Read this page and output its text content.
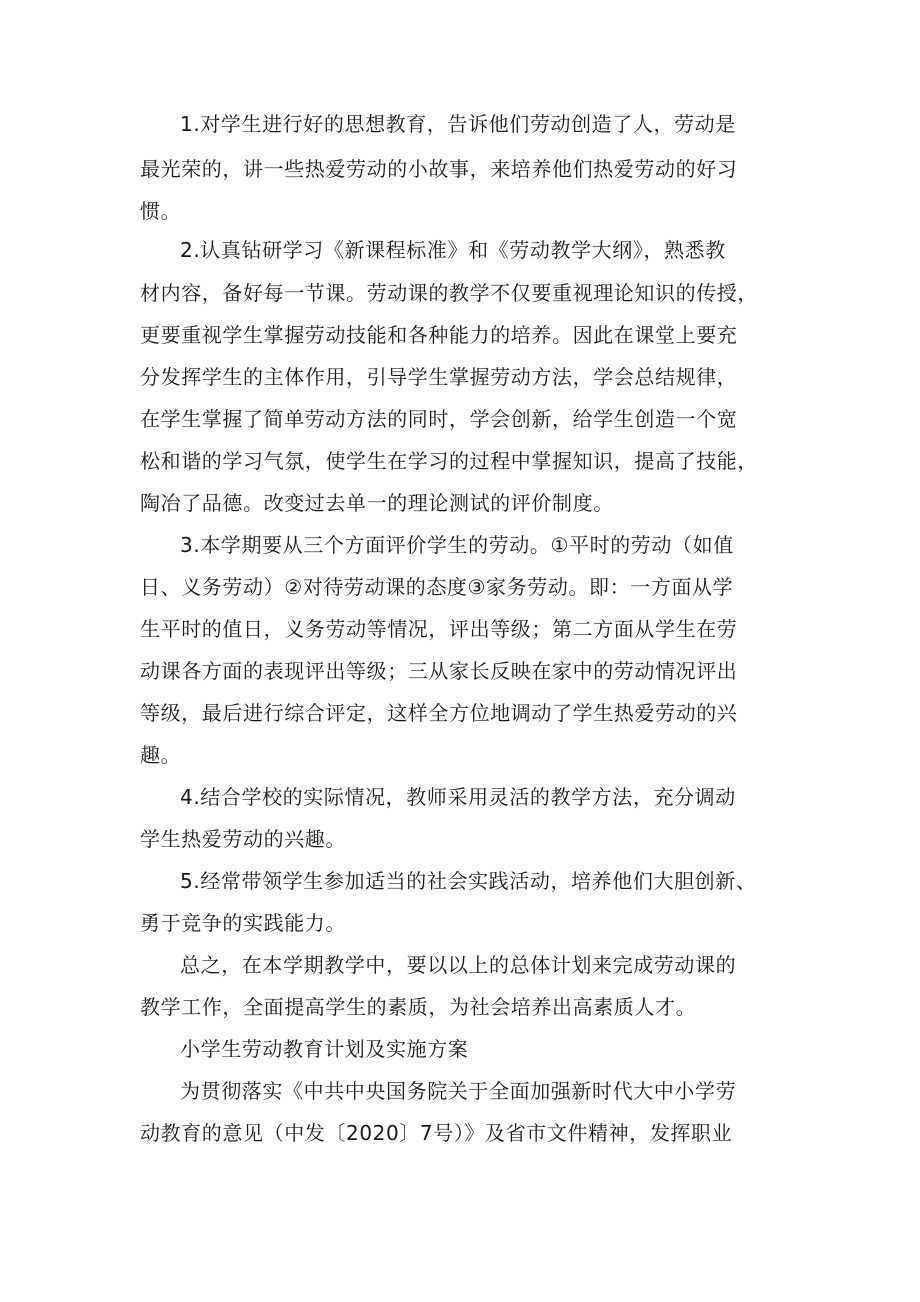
1.对学生进行好的思想教育，告诉他们劳动创造了人，劳动是
最光荣的，讲一些热爱劳动的小故事，来培养他们热爱劳动的好习
惯。
2.认真钻研学习《新课程标准》和《劳动教学大纲》，熟悉教
材内容，备好每一节课。劳动课的教学不仅要重视理论知识的传授，
更要重视学生掌握劳动技能和各种能力的培养。因此在课堂上要充
分发挥学生的主体作用，引导学生掌握劳动方法，学会总结规律，
在学生掌握了简单劳动方法的同时，学会创新，给学生创造一个宽
松和谐的学习气氛，使学生在学习的过程中掌握知识，提高了技能，
陶冶了品德。改变过去单一的理论测试的评价制度。
3.本学期要从三个方面评价学生的劳动。①平时的劳动（如值
日、义务劳动）②对待劳动课的态度③家务劳动。即：一方面从学
生平时的值日，义务劳动等情况，评出等级；第二方面从学生在劳
动课各方面的表现评出等级；三从家长反映在家中的劳动情况评出
等级，最后进行综合评定，这样全方位地调动了学生热爱劳动的兴
趣。
4.结合学校的实际情况，教师采用灵活的教学方法，充分调动
学生热爱劳动的兴趣。
5.经常带领学生参加适当的社会实践活动，培养他们大胆创新、
勇于竞争的实践能力。
总之，在本学期教学中，要以以上的总体计划来完成劳动课的
教学工作，全面提高学生的素质，为社会培养出高素质人才。
小学生劳动教育计划及实施方案
为贯彻落实《中共中央国务院关于全面加强新时代大中小学劳
动教育的意见（中发〔2020〕7号）》及省市文件精神，发挥职业
